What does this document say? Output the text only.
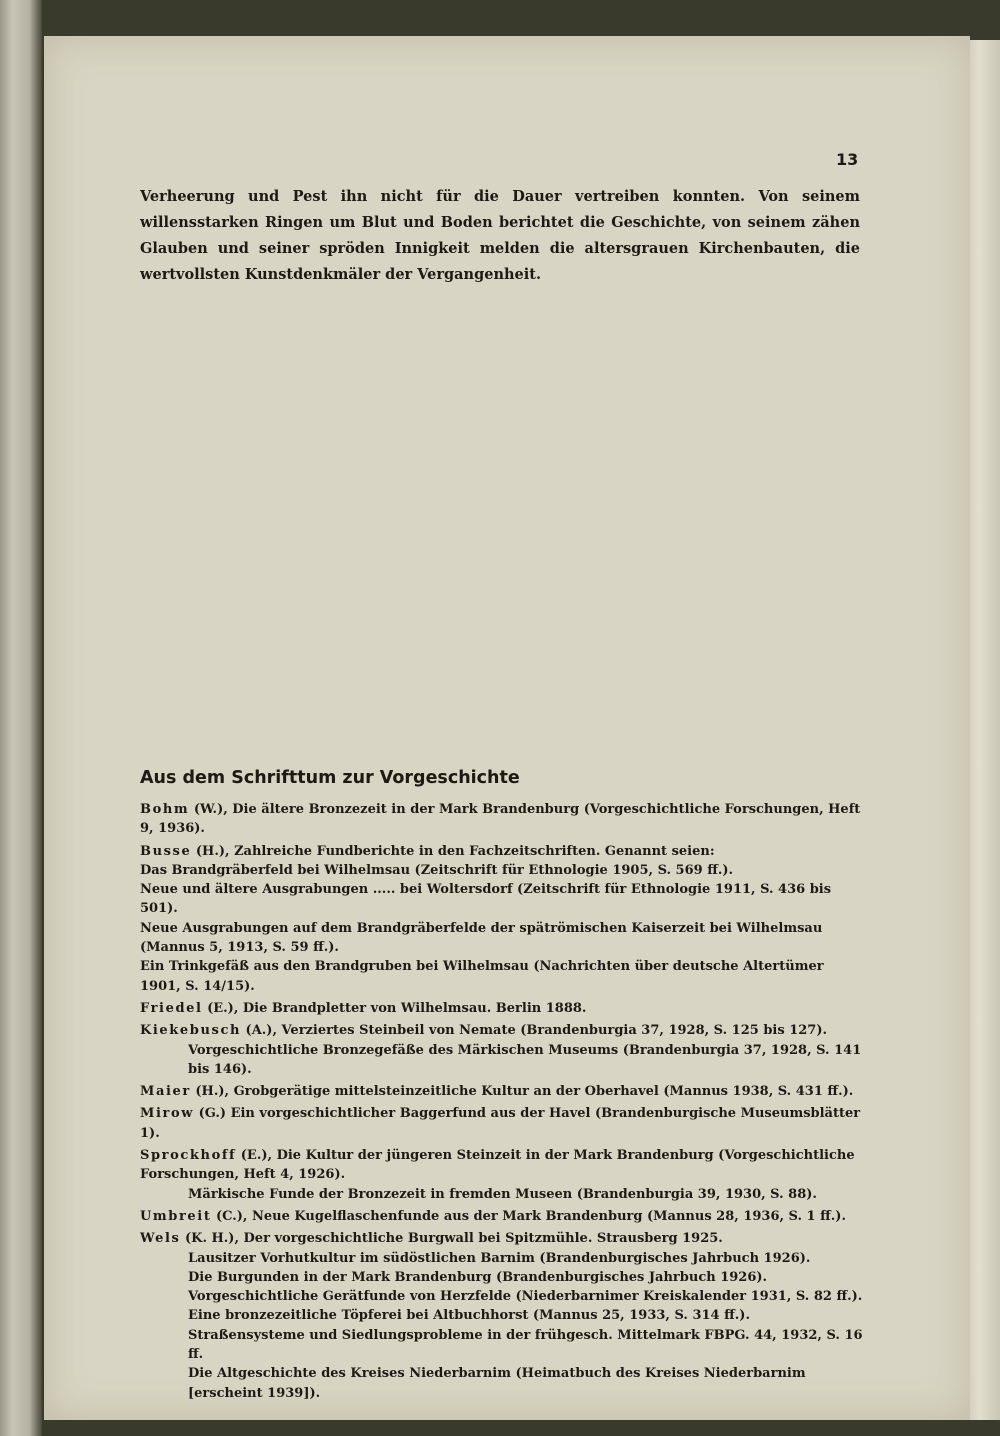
13

Verheerung und Pest ihn nicht für die Dauer vertreiben konnten. Von seinem willensstarken Ringen um Blut und Boden berichtet die Geschichte, von seinem zähen Glauben und seiner spröden Innigkeit melden die altersgrauen Kirchenbauten, die wertvollsten Kunstdenkmäler der Vergangenheit.

Aus dem Schrifttum zur Vorgeschichte
Bohm (W.), Die ältere Bronzezeit in der Mark Brandenburg (Vorgeschichtliche Forschungen, Heft 9, 1936).
Busse (H.), Zahlreiche Fundberichte in den Fachzeitschriften. Genannt seien:
Das Brandgräberfeld bei Wilhelmsau (Zeitschrift für Ethnologie 1905, S. 569 ff.).
Neue und ältere Ausgrabungen ..... bei Woltersdorf (Zeitschrift für Ethnologie 1911, S. 436 bis 501).
Neue Ausgrabungen auf dem Brandgräberfelde der spätrömischen Kaiserzeit bei Wilhelmsau (Mannus 5, 1913, S. 59 ff.).
Ein Trinkgefäß aus den Brandgruben bei Wilhelmsau (Nachrichten über deutsche Altertümer 1901, S. 14/15).
Friedel (E.), Die Brandpletter von Wilhelmsau. Berlin 1888.
Kiekebusch (A.), Verziertes Steinbeil von Nemate (Brandenburgia 37, 1928, S. 125 bis 127).
Vorgeschichtliche Bronzegefäße des Märkischen Museums (Brandenburgia 37, 1928, S. 141 bis 146).
Maier (H.), Grobgerätige mittelsteinzeitliche Kultur an der Oberhavel (Mannus 1938, S. 431 ff.).
Mirow (G.) Ein vorgeschichtlicher Baggerfund aus der Havel (Brandenburgische Museumsblätter 1).
Sprockhoff (E.), Die Kultur der jüngeren Steinzeit in der Mark Brandenburg (Vorgeschichtliche Forschungen, Heft 4, 1926).
Märkische Funde der Bronzezeit in fremden Museen (Brandenburgia 39, 1930, S. 88).
Umbreit (C.), Neue Kugelflaschenfunde aus der Mark Brandenburg (Mannus 28, 1936, S. 1 ff.).
Wels (K. H.), Der vorgeschichtliche Burgwall bei Spitzmühle. Strausberg 1925.
Lausitzer Vorhutkultur im südöstlichen Barnim (Brandenburgisches Jahrbuch 1926).
Die Burgunden in der Mark Brandenburg (Brandenburgisches Jahrbuch 1926).
Vorgeschichtliche Gerätfunde von Herzfelde (Niederbarnimer Kreiskalender 1931, S. 82 ff.).
Eine bronzezeitliche Töpferei bei Altbuchhorst (Mannus 25, 1933, S. 314 ff.).
Straßensysteme und Siedlungsprobleme in der frühgesch. Mittelmark FBPG. 44, 1932, S. 16 ff.
Die Altgeschichte des Kreises Niederbarnim (Heimatbuch des Kreises Niederbarnim [erscheint 1939]).
